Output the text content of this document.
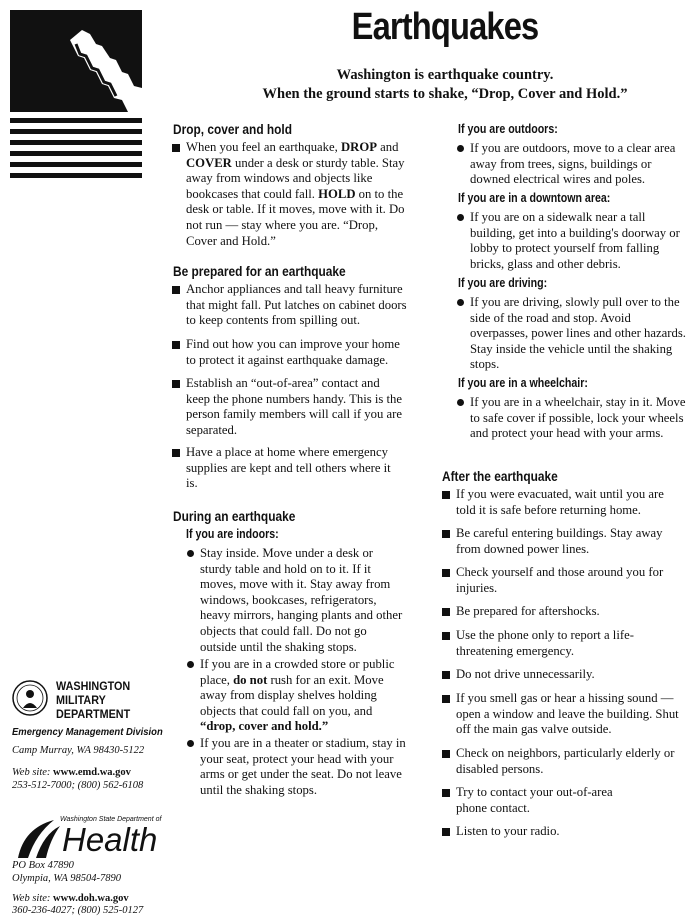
Earthquakes
Washington is earthquake country.
When the ground starts to shake, “Drop, Cover and Hold.”
Drop, cover and hold
When you feel an earthquake, DROP and
COVER under a desk or sturdy table. Stay away from windows and objects like bookcases that could fall. HOLD on to the desk or table. If it moves, move with it. Do not run — stay where you are. “Drop, Cover and Hold.”
Be prepared for an earthquake
Anchor appliances and tall heavy furniture that might fall. Put latches on cabinet doors to keep contents from spilling out.
Find out how you can improve your home to protect it against earthquake damage.
Establish an “out-of-area” contact and keep the phone numbers handy. This is the person family members will call if you are separated.
Have a place at home where emergency supplies are kept and tell others where it is.
During an earthquake
If you are indoors:
Stay inside. Move under a desk or sturdy table and hold on to it. If it moves, move with it. Stay away from windows, bookcases, refrigerators, heavy mirrors, hanging plants and other objects that could fall. Do not go outside until the shaking stops.
If you are in a crowded store or public place, do not rush for an exit. Move away from display shelves holding objects that could fall on you, and
“drop, cover and hold.”
If you are in a theater or stadium, stay in your seat, protect your head with your arms or get under the seat. Do not leave until the shaking stops.
If you are outdoors:
If you are outdoors, move to a clear area away from trees, signs, buildings or downed electrical wires and poles.
If you are in a downtown area:
If you are on a sidewalk near a tall building, get into a building's doorway or lobby to protect yourself from falling bricks, glass and other debris.
If you are driving:
If you are driving, slowly pull over to the side of the road and stop. Avoid overpasses, power lines and other hazards. Stay inside the vehicle until the shaking stops.
If you are in a wheelchair:
If you are in a wheelchair, stay in it. Move to safe cover if possible, lock your wheels and protect your head with your arms.
After the earthquake
If you were evacuated, wait until you are told it is safe before returning home.
Be careful entering buildings. Stay away from downed power lines.
Check yourself and those around you for injuries.
Be prepared for aftershocks.
Use the phone only to report a life-threatening emergency.
Do not drive unnecessarily.
If you smell gas or hear a hissing sound — open a window and leave the building. Shut off the main gas valve outside.
Check on neighbors, particularly elderly or disabled persons.
Try to contact your out-of-area phone contact.
Listen to your radio.
WASHINGTON
MILITARY
DEPARTMENT
Emergency Management Division
Camp Murray, WA 98430-5122
Web site: www.emd.wa.gov
253-512-7000; (800) 562-6108
Washington State Department of
Health
PO Box 47890
Olympia, WA 98504-7890
Web site: www.doh.wa.gov
360-236-4027; (800) 525-0127
